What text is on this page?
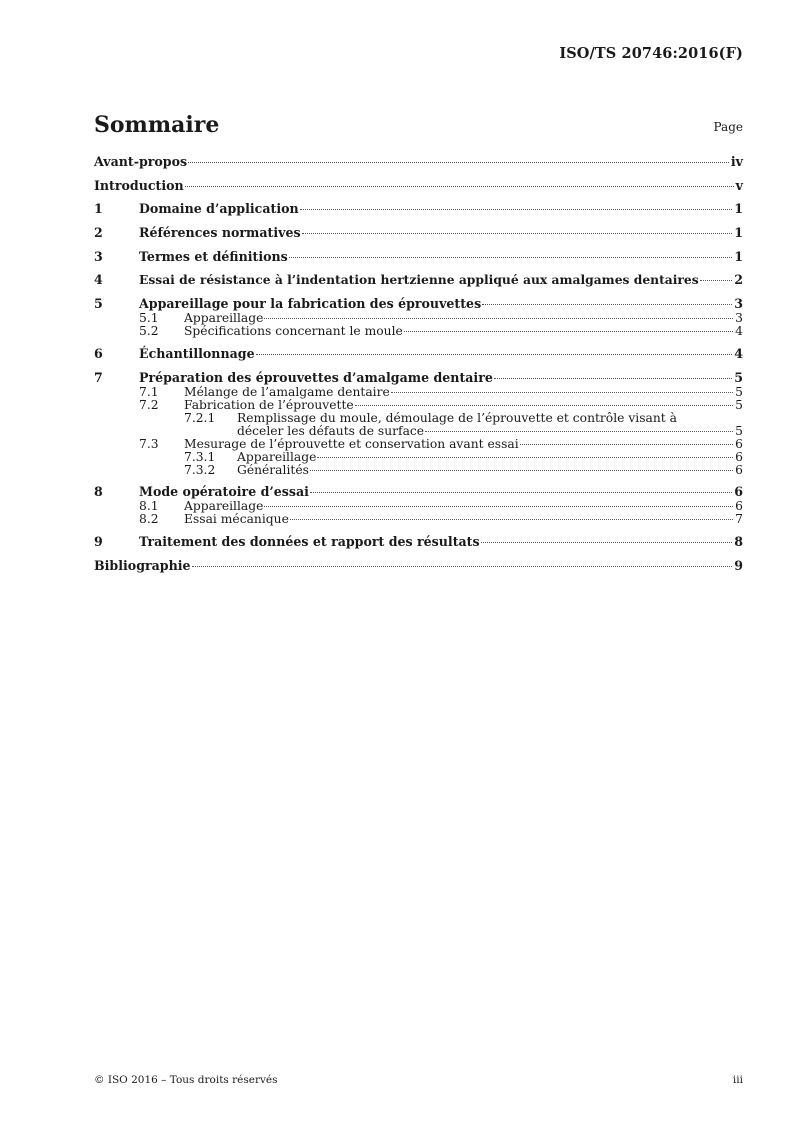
ISO/TS 20746:2016(F)
Sommaire	Page
Avant-propos	iv
Introduction	v
1	Domaine d’application	1
2	Références normatives	1
3	Termes et définitions	1
4	Essai de résistance à l’indentation hertzienne appliqué aux amalgames dentaires	2
5	Appareillage pour la fabrication des éprouvettes	3
5.1	Appareillage	3
5.2	Spécifications concernant le moule	4
6	Échantillonnage	4
7	Préparation des éprouvettes d’amalgame dentaire	5
7.1	Mélange de l’amalgame dentaire	5
7.2	Fabrication de l’éprouvette	5
7.2.1	Remplissage du moule, démoulage de l’éprouvette et contrôle visant à
déceler les défauts de surface	5
7.3	Mesurage de l’éprouvette et conservation avant essai	6
7.3.1	Appareillage	6
7.3.2	Généralités	6
8	Mode opératoire d’essai	6
8.1	Appareillage	6
8.2	Essai mécanique	7
9	Traitement des données et rapport des résultats	8
Bibliographie	9
© ISO 2016 – Tous droits réservés	iii
